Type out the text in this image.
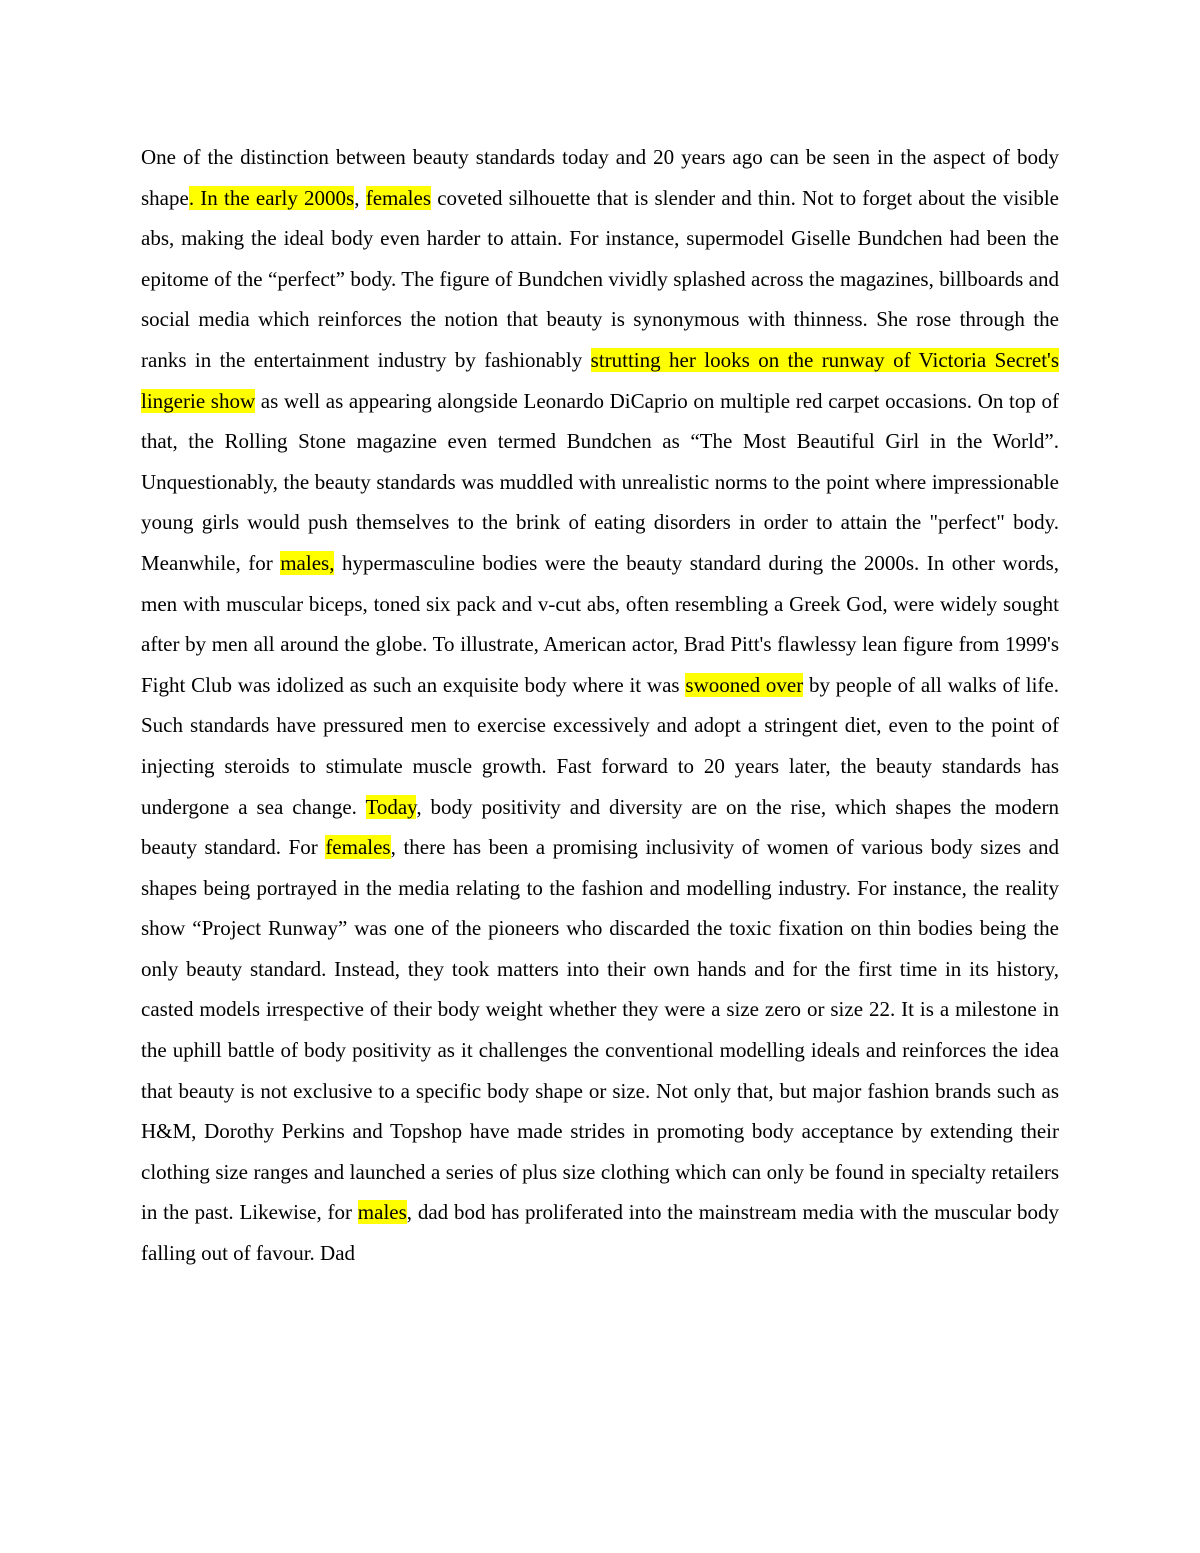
One of the distinction between beauty standards today and 20 years ago can be seen in the aspect of body shape. In the early 2000s, females coveted silhouette that is slender and thin. Not to forget about the visible abs, making the ideal body even harder to attain. For instance, supermodel Giselle Bundchen had been the epitome of the “perfect” body. The figure of Bundchen vividly splashed across the magazines, billboards and social media which reinforces the notion that beauty is synonymous with thinness. She rose through the ranks in the entertainment industry by fashionably strutting her looks on the runway of Victoria Secret's lingerie show as well as appearing alongside Leonardo DiCaprio on multiple red carpet occasions. On top of that, the Rolling Stone magazine even termed Bundchen as “The Most Beautiful Girl in the World”. Unquestionably, the beauty standards was muddled with unrealistic norms to the point where impressionable young girls would push themselves to the brink of eating disorders in order to attain the "perfect" body. Meanwhile, for males, hypermasculine bodies were the beauty standard during the 2000s. In other words, men with muscular biceps, toned six pack and v-cut abs, often resembling a Greek God, were widely sought after by men all around the globe. To illustrate, American actor, Brad Pitt's flawlessy lean figure from 1999's Fight Club was idolized as such an exquisite body where it was swooned over by people of all walks of life. Such standards have pressured men to exercise excessively and adopt a stringent diet, even to the point of injecting steroids to stimulate muscle growth. Fast forward to 20 years later, the beauty standards has undergone a sea change. Today, body positivity and diversity are on the rise, which shapes the modern beauty standard. For females, there has been a promising inclusivity of women of various body sizes and shapes being portrayed in the media relating to the fashion and modelling industry. For instance, the reality show “Project Runway” was one of the pioneers who discarded the toxic fixation on thin bodies being the only beauty standard. Instead, they took matters into their own hands and for the first time in its history, casted models irrespective of their body weight whether they were a size zero or size 22. It is a milestone in the uphill battle of body positivity as it challenges the conventional modelling ideals and reinforces the idea that beauty is not exclusive to a specific body shape or size. Not only that, but major fashion brands such as H&M, Dorothy Perkins and Topshop have made strides in promoting body acceptance by extending their clothing size ranges and launched a series of plus size clothing which can only be found in specialty retailers in the past. Likewise, for males, dad bod has proliferated into the mainstream media with the muscular body falling out of favour. Dad
